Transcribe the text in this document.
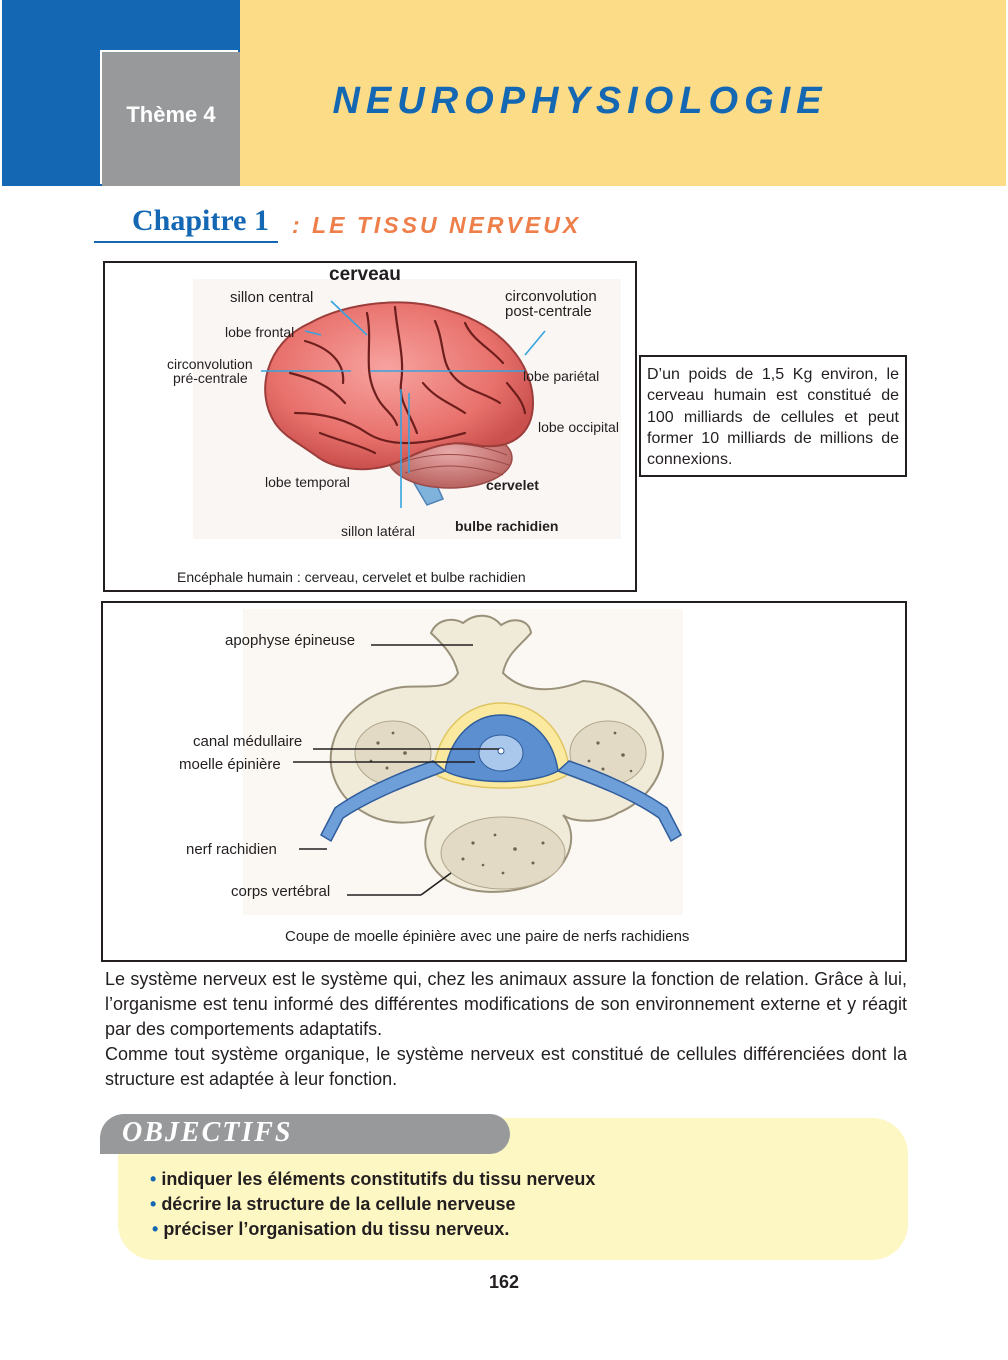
Thème 4	NEUROPHYSIOLOGIE
Chapitre 1 : LE TISSU NERVEUX
cerveau
sillon central
lobe frontal
circonvolution
pré-centrale
circonvolution
post-centrale
lobe pariétal
lobe occipital
lobe temporal	cervelet
sillon latéral	bulbe rachidien
Encéphale humain : cerveau, cervelet et bulbe rachidien
D’un poids de 1,5 Kg environ, le cerveau humain est constitué de 100 milliards de cellules et peut former 10 milliards de millions de connexions.
apophyse épineuse
canal médullaire
moelle épinière
nerf rachidien
corps vertébral
Coupe de moelle épinière avec une paire de nerfs rachidiens

Le système nerveux est le système qui, chez les animaux assure la fonction de relation. Grâce à lui, l’organisme est tenu informé des différentes modifications de son environnement externe et y réagit par des comportements adaptatifs.

Comme tout système organique, le système nerveux est constitué de cellules différenciées dont la structure est adaptée à leur fonction.

OBJECTIFS
• indiquer les éléments constitutifs du tissu nerveux
• décrire la structure de la cellule nerveuse
• préciser l’organisation du tissu nerveux.
162
